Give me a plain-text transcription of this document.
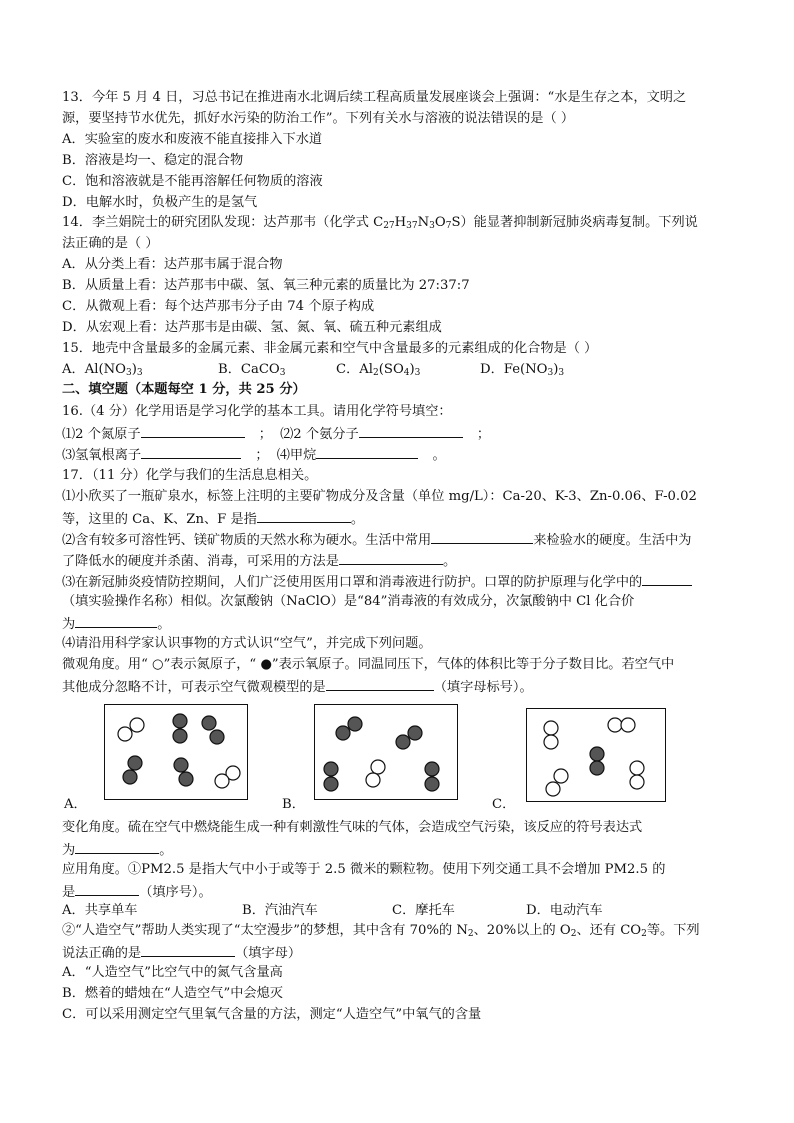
13．今年 5 月 4 日，习总书记在推进南水北调后续工程高质量发展座谈会上强调：“水是生存之本，文明之
源，要坚持节水优先，抓好水污染的防治工作”。下列有关水与溶液的说法错误的是（ ）
A．实验室的废水和废液不能直接排入下水道
B．溶液是均一、稳定的混合物
C．饱和溶液就是不能再溶解任何物质的溶液
D．电解水时，负极产生的是氢气
14．李兰娟院士的研究团队发现：达芦那韦（化学式 $C_{27}H_{37}N_3O_7S$）能显著抑制新冠肺炎病毒复制。下列说
法正确的是（ ）
A．从分类上看：达芦那韦属于混合物
B．从质量上看：达芦那韦中碳、氢、氧三种元素的质量比为 27:37:7
C．从微观上看：每个达芦那韦分子由 74 个原子构成
D．从宏观上看：达芦那韦是由碳、氢、氮、氧、硫五种元素组成
15．地壳中含量最多的金属元素、非金属元素和空气中含量最多的元素组成的化合物是（ ）
A．$Al(NO_3)_3$	B．CaCO$_3$	C．$Al_2(SO_4)_3$	D．$Fe(NO_3)_3$
二、填空题（本题每空 1 分，共 25 分）
16.（4 分）化学用语是学习化学的基本工具。请用化学符号填空：
⑴2 个氮原子	； ⑵2 个氨分子	；
⑶氢氧根离子	； ⑷甲烷	。
17．（11 分）化学与我们的生活息息相关。
⑴小欣买了一瓶矿泉水，标签上注明的主要矿物成分及含量（单位 mg/L）：Ca-20、K-3、Zn-0.06、F-0.02
等，这里的 Ca、K、Zn、F 是指	。
⑵含有较多可溶性钙、镁矿物质的天然水称为硬水。生活中常用	来检验水的硬度。生活中为
了降低水的硬度并杀菌、消毒，可采用的方法是	。
⑶在新冠肺炎疫情防控期间，人们广泛使用医用口罩和消毒液进行防护。口罩的防护原理与化学中的
（填实验操作名称）相似。次氯酸钠（NaClO）是“84”消毒液的有效成分，次氯酸钠中 Cl 化合价
为	。
⑷请沿用科学家认识事物的方式认识“空气”，并完成下列问题。
微观角度。用“ ○”表示氮原子，“ ●”表示氧原子。同温同压下，气体的体积比等于分子数目比。若空气中
其他成分忽略不计，可表示空气微观模型的是	（填字母标号）。
A．	B．	C．
变化角度。硫在空气中燃烧能生成一种有刺激性气味的气体，会造成空气污染，该反应的符号表达式
为	。
应用角度。①PM2.5 是指大气中小于或等于 2.5 微米的颗粒物。使用下列交通工具不会增加 PM2.5 的
是	（填序号）。
A．共享单车	B．汽油汽车	C．摩托车	D．电动汽车
②“人造空气”帮助人类实现了“太空漫步”的梦想，其中含有 70%的 $N_2$、20%以上的 $O_2$、还有 $CO_2$等。下列
说法正确的是	（填字母）
A．“人造空气”比空气中的氮气含量高
B．燃着的蜡烛在“人造空气”中会熄灭
C．可以采用测定空气里氧气含量的方法，测定“人造空气”中氧气的含量
